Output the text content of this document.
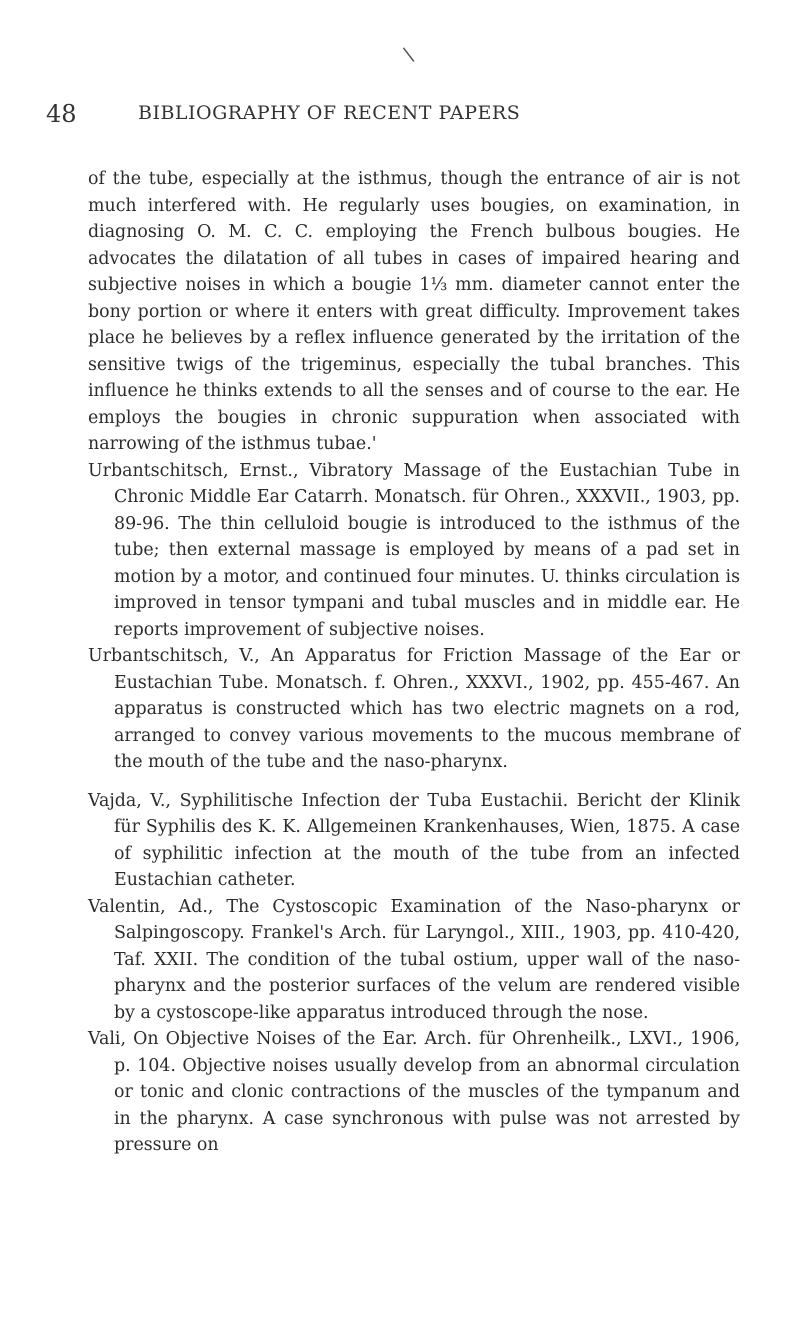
\
48	BIBLIOGRAPHY OF RECENT PAPERS

of the tube, especially at the isthmus, though the entrance of air is not much interfered with. He regularly uses bougies, on examination, in diagnosing O. M. C. C. employing the French bulbous bougies. He advocates the dilatation of all tubes in cases of impaired hearing and subjective noises in which a bougie 1⅓ mm. diameter cannot enter the bony portion or where it enters with great difficulty. Improvement takes place he believes by a reflex influence generated by the irritation of the sensitive twigs of the trigeminus, especially the tubal branches. This influence he thinks extends to all the senses and of course to the ear. He employs the bougies in chronic suppuration when associated with narrowing of the isthmus tubae.'

Urbantschitsch, Ernst., Vibratory Massage of the Eustachian Tube in Chronic Middle Ear Catarrh. Monatsch. für Ohren., XXXVII., 1903, pp. 89-96. The thin celluloid bougie is introduced to the isthmus of the tube; then external massage is employed by means of a pad set in motion by a motor, and continued four minutes. U. thinks circulation is improved in tensor tympani and tubal muscles and in middle ear. He reports improvement of subjective noises.

Urbantschitsch, V., An Apparatus for Friction Massage of the Ear or Eustachian Tube. Monatsch. f. Ohren., XXXVI., 1902, pp. 455-467. An apparatus is constructed which has two electric magnets on a rod, arranged to convey various movements to the mucous membrane of the mouth of the tube and the naso-pharynx.

Vajda, V., Syphilitische Infection der Tuba Eustachii. Bericht der Klinik für Syphilis des K. K. Allgemeinen Krankenhauses, Wien, 1875. A case of syphilitic infection at the mouth of the tube from an infected Eustachian catheter.

Valentin, Ad., The Cystoscopic Examination of the Naso-pharynx or Salpingoscopy. Frankel's Arch. für Laryngol., XIII., 1903, pp. 410-420, Taf. XXII. The condition of the tubal ostium, upper wall of the naso-pharynx and the posterior surfaces of the velum are rendered visible by a cystoscope-like apparatus introduced through the nose.

Vali, On Objective Noises of the Ear. Arch. für Ohrenheilk., LXVI., 1906, p. 104. Objective noises usually develop from an abnormal circulation or tonic and clonic contractions of the muscles of the tympanum and in the pharynx. A case synchronous with pulse was not arrested by pressure on
